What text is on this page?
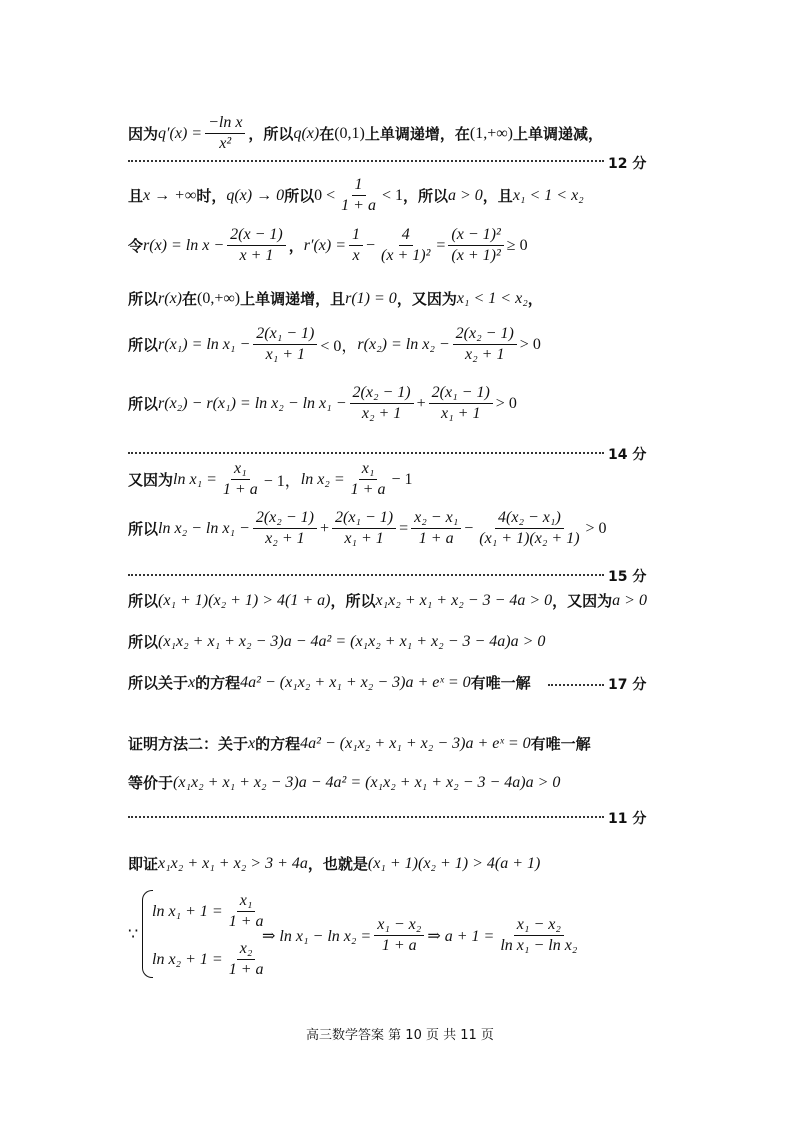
因为 $q'(x) = \frac{\text{−ln x}}{\text{x²}}$ ，所以 q(x) 在 (0,1) 上单调递增，在 (1,+∞) 上单调递减，
12 分
且 x → +∞ 时， q(x) → 0 所以 $0 < \frac{1}{1 + a} < 1$ ，所以 a > 0 ，且 x₁ < 1 < x₂
令 $r(x) = \ln x - \frac{2(x - 1)}{x + 1}$ ， $r'(x) = \frac{1}{x} - \frac{4}{\text{(x + 1)²}} = \frac{\text{(x − 1)²}}{\text{(x + 1)²}} \ge 0$
所以 r(x) 在 (0,+∞) 上单调递增，且 r(1) = 0 ，又因为 x₁ < 1 < x₂ ，
所以 $r(x_1) = \ln x_1 - \frac{\text{2(x₁ − 1)}}{\text{x₁ + 1}} < 0$， $r(x_2) = \ln x_2 - \frac{\text{2(x₂ − 1)}}{\text{x₂ + 1}} > 0$
所以 $r(x_2) - r(x_1) = \ln x_2 - \ln x_1 - \frac{\text{2(x₂ − 1)}}{\text{x₂ + 1}} + \frac{\text{2(x₁ − 1)}}{\text{x₁ + 1}} > 0$
14 分
又因为 $\ln x_1 = \frac{\text{x₁}}{1 + a} - 1$， $\ln x_2 = \frac{\text{x₁}}{1 + a} - 1$
所以 $\ln x_2 - \ln x_1 - \frac{\text{2(x₂ − 1)}}{\text{x₂ + 1}} + \frac{\text{2(x₁ − 1)}}{\text{x₁ + 1}} = \frac{\text{x₂ − x₁}}{1 + a} - \frac{\text{4(x₂ − x₁)}}{\text{(x₁ + 1)(x₂ + 1)}} > 0$
15 分
所以 (x₁ + 1)(x₂ + 1) > 4(1 + a) ，所以 x₁x₂ + x₁ + x₂ − 3 − 4a > 0 ，又因为 a > 0
所以 (x₁x₂ + x₁ + x₂ − 3)a − 4a² = (x₁x₂ + x₁ + x₂ − 3 − 4a)a > 0
所以关于 x 的方程 4a² − (x₁x₂ + x₁ + x₂ − 3)a + eˣ = 0 有唯一解	17 分
证明方法二：关于 x 的方程 4a² − (x₁x₂ + x₁ + x₂ − 3)a + eˣ = 0 有唯一解
等价于 (x₁x₂ + x₁ + x₂ − 3)a − 4a² = (x₁x₂ + x₁ + x₂ − 3 − 4a)a > 0
11 分
即证 x₁x₂ + x₁ + x₂ > 3 + 4a ，也就是 (x₁ + 1)(x₂ + 1) > 4(a + 1)
∵
$\ln x_1 + 1 = \frac{\text{x₁}}{1 + a}$
$\ln x_2 + 1 = \frac{\text{x₂}}{1 + a}$
⇒ $\ln x_1 - \ln x_2 = \frac{\text{x₁ − x₂}}{1 + a}$ ⇒ $a + 1 = \frac{\text{x₁ − x₂}}{\text{ln x₁ − ln x₂}}$
高三数学答案 第 10 页 共 11 页
